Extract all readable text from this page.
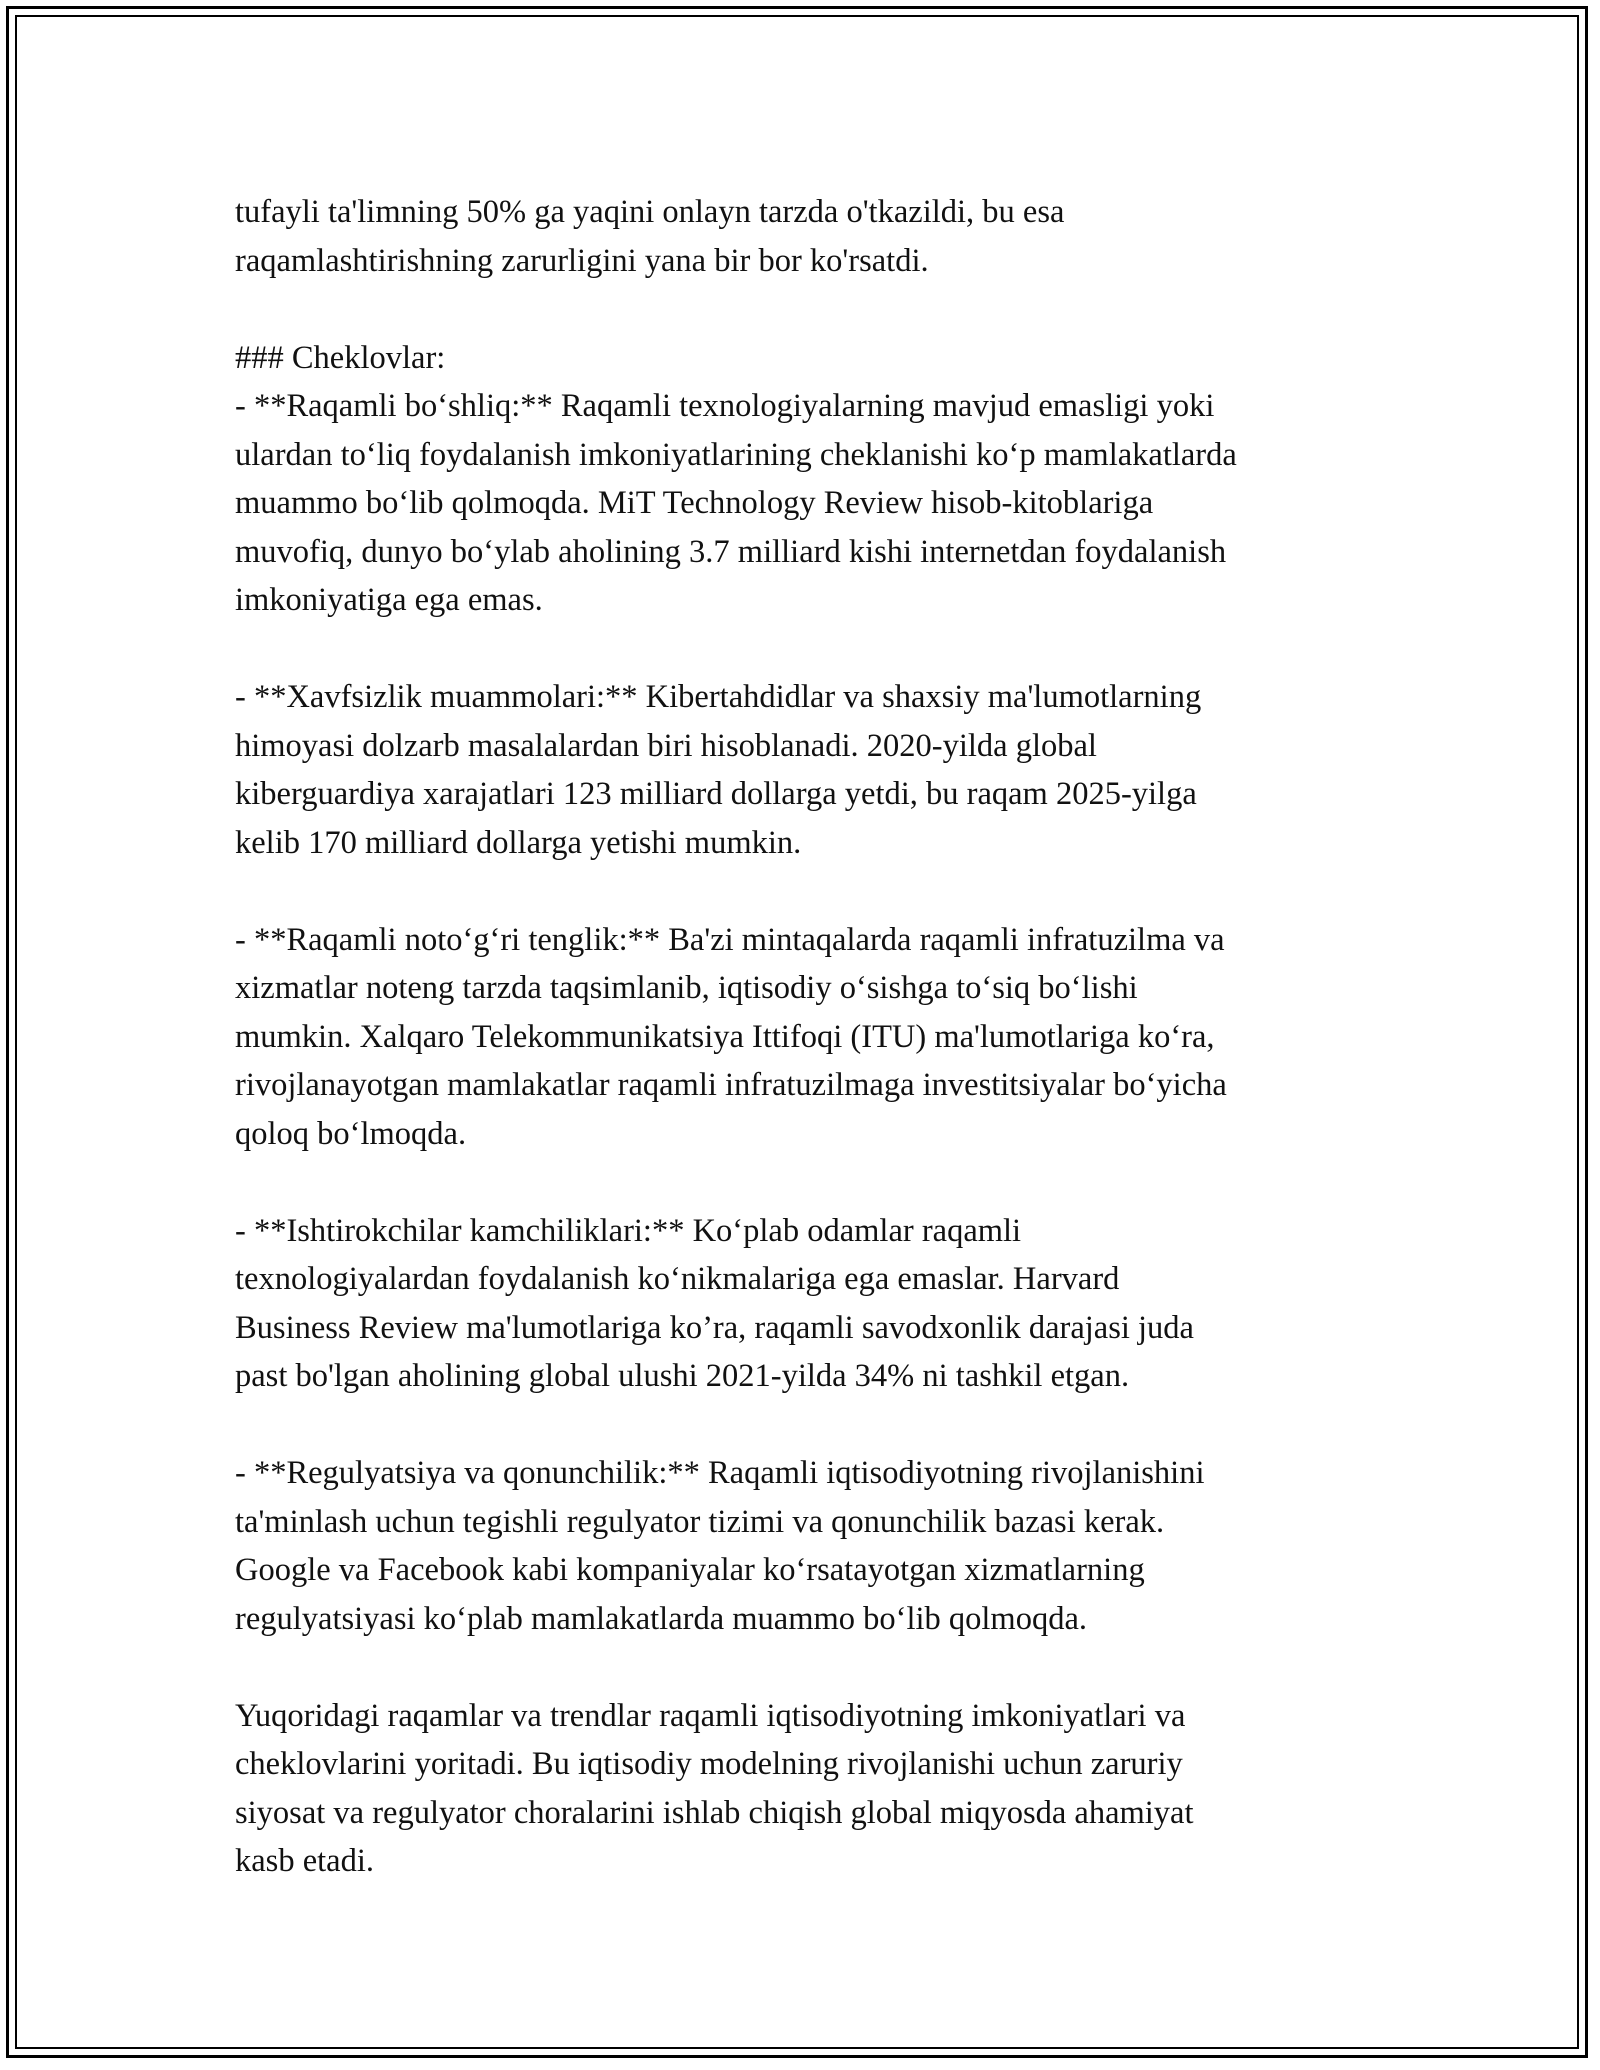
tufayli ta'limning 50% ga yaqini onlayn tarzda o'tkazildi, bu esa
raqamlashtirishning zarurligini yana bir bor ko'rsatdi.

### Cheklovlar:
- **Raqamli bo‘shliq:** Raqamli texnologiyalarning mavjud emasligi yoki
ulardan to‘liq foydalanish imkoniyatlarining cheklanishi ko‘p mamlakatlarda
muammo bo‘lib qolmoqda. MiT Technology Review hisob-kitoblariga
muvofiq, dunyo bo‘ylab aholining 3.7 milliard kishi internetdan foydalanish
imkoniyatiga ega emas.

- **Xavfsizlik muammolari:** Kibertahdidlar va shaxsiy ma'lumotlarning
himoyasi dolzarb masalalardan biri hisoblanadi. 2020-yilda global
kiberguardiya xarajatlari 123 milliard dollarga yetdi, bu raqam 2025-yilga
kelib 170 milliard dollarga yetishi mumkin.

- **Raqamli noto‘g‘ri tenglik:** Ba'zi mintaqalarda raqamli infratuzilma va
xizmatlar noteng tarzda taqsimlanib, iqtisodiy o‘sishga to‘siq bo‘lishi
mumkin. Xalqaro Telekommunikatsiya Ittifoqi (ITU) ma'lumotlariga ko‘ra,
rivojlanayotgan mamlakatlar raqamli infratuzilmaga investitsiyalar bo‘yicha
qoloq bo‘lmoqda.

- **Ishtirokchilar kamchiliklari:** Ko‘plab odamlar raqamli
texnologiyalardan foydalanish ko‘nikmalariga ega emaslar. Harvard
Business Review ma'lumotlariga ko’ra, raqamli savodxonlik darajasi juda
past bo'lgan aholining global ulushi 2021-yilda 34% ni tashkil etgan.

- **Regulyatsiya va qonunchilik:** Raqamli iqtisodiyotning rivojlanishini
ta'minlash uchun tegishli regulyator tizimi va qonunchilik bazasi kerak.
Google va Facebook kabi kompaniyalar ko‘rsatayotgan xizmatlarning
regulyatsiyasi ko‘plab mamlakatlarda muammo bo‘lib qolmoqda.

Yuqoridagi raqamlar va trendlar raqamli iqtisodiyotning imkoniyatlari va
cheklovlarini yoritadi. Bu iqtisodiy modelning rivojlanishi uchun zaruriy
siyosat va regulyator choralarini ishlab chiqish global miqyosda ahamiyat
kasb etadi.
